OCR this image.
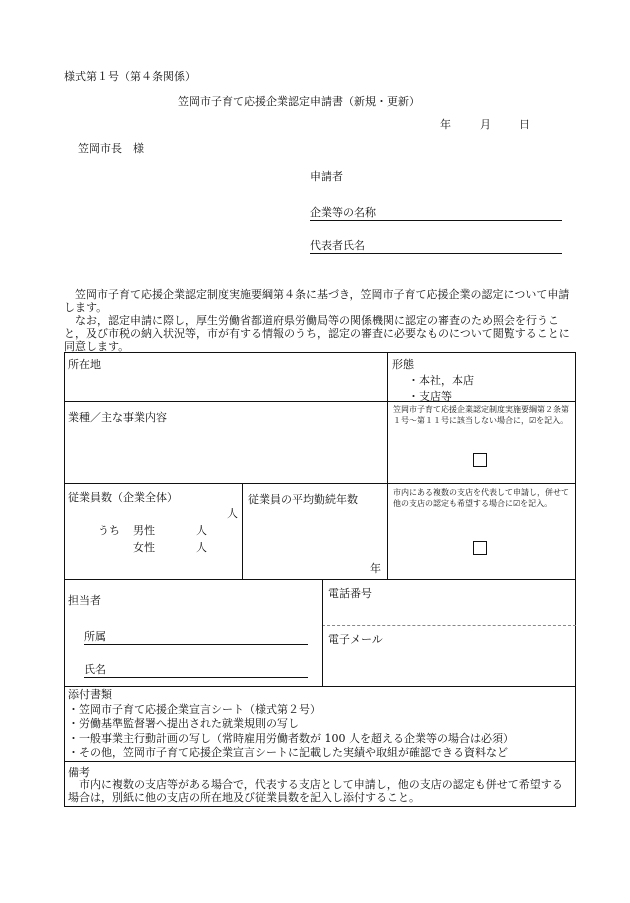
様式第１号（第４条関係）
笠岡市子育て応援企業認定申請書（新規・更新）
年	月	日
笠岡市長　様
申請者
企業等の名称
代表者氏名
笠岡市子育て応援企業認定制度実施要綱第４条に基づき，笠岡市子育て応援企業の認定について申請します。
なお，認定申請に際し，厚生労働省都道府県労働局等の関係機関に認定の審査のため照会を行うこと，及び市税の納入状況等，市が有する情報のうち，認定の審査に必要なものについて閲覧することに同意します。
所在地	形態
・本社，本店
・支店等
業種／主な事業内容
笠岡市子育て応援企業認定制度実施要綱第２条第１号～第１１号に該当しない場合に，☑を記入。
従業員数（企業全体）
人
うち 男性	人
女性	人
従業員の平均勤続年数
年
市内にある複数の支店を代表して申請し，併せて他の支店の認定も希望する場合に☑を記入。
担当者
所属
氏名
電話番号
電子メール
添付書類
・笠岡市子育て応援企業宣言シート（様式第２号）
・労働基準監督署へ提出された就業規則の写し
・一般事業主行動計画の写し（常時雇用労働者数が 100 人を超える企業等の場合は必須）
・その他，笠岡市子育て応援企業宣言シートに記載した実績や取組が確認できる資料など
備考
市内に複数の支店等がある場合で，代表する支店として申請し，他の支店の認定も併せて希望する場合は，別紙に他の支店の所在地及び従業員数を記入し添付すること。
